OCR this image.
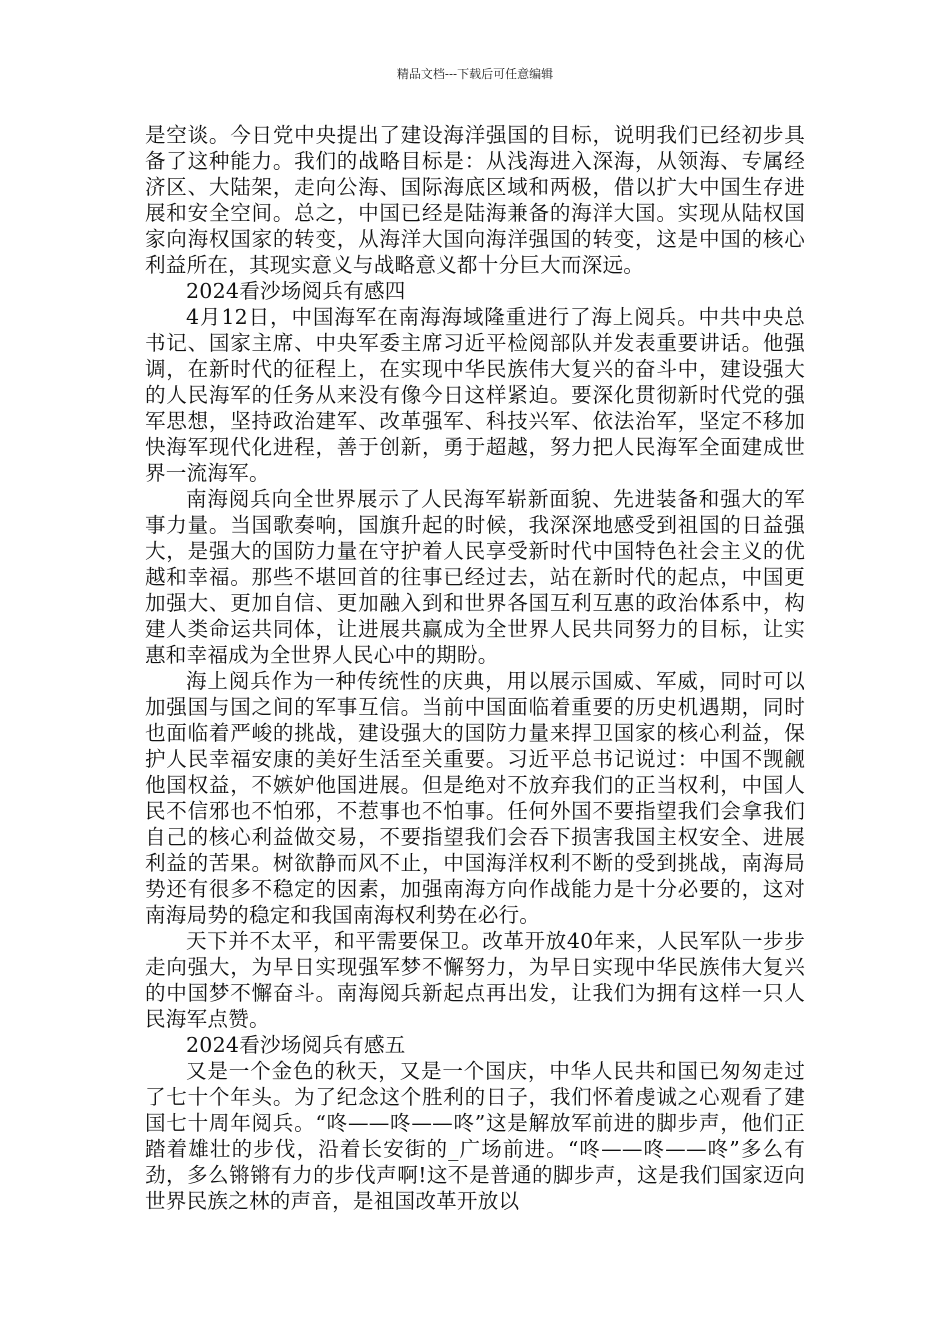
精品文档---下载后可任意编辑

是空谈。今日党中央提出了建设海洋强国的目标，说明我们已经初步具备了这种能力。我们的战略目标是：从浅海进入深海，从领海、专属经济区、大陆架，走向公海、国际海底区域和两极，借以扩大中国生存进展和安全空间。总之，中国已经是陆海兼备的海洋大国。实现从陆权国家向海权国家的转变，从海洋大国向海洋强国的转变，这是中国的核心利益所在，其现实意义与战略意义都十分巨大而深远。

2024看沙场阅兵有感四

4月12日，中国海军在南海海域隆重进行了海上阅兵。中共中央总书记、国家主席、中央军委主席习近平检阅部队并发表重要讲话。他强调，在新时代的征程上，在实现中华民族伟大复兴的奋斗中，建设强大的人民海军的任务从来没有像今日这样紧迫。要深化贯彻新时代党的强军思想，坚持政治建军、改革强军、科技兴军、依法治军，坚定不移加快海军现代化进程，善于创新，勇于超越，努力把人民海军全面建成世界一流海军。

南海阅兵向全世界展示了人民海军崭新面貌、先进装备和强大的军事力量。当国歌奏响，国旗升起的时候，我深深地感受到祖国的日益强大，是强大的国防力量在守护着人民享受新时代中国特色社会主义的优越和幸福。那些不堪回首的往事已经过去，站在新时代的起点，中国更加强大、更加自信、更加融入到和世界各国互利互惠的政治体系中，构建人类命运共同体，让进展共赢成为全世界人民共同努力的目标，让实惠和幸福成为全世界人民心中的期盼。

海上阅兵作为一种传统性的庆典，用以展示国威、军威，同时可以加强国与国之间的军事互信。当前中国面临着重要的历史机遇期，同时也面临着严峻的挑战，建设强大的国防力量来捍卫国家的核心利益，保护人民幸福安康的美好生活至关重要。习近平总书记说过：中国不觊觎他国权益，不嫉妒他国进展。但是绝对不放弃我们的正当权利，中国人民不信邪也不怕邪，不惹事也不怕事。任何外国不要指望我们会拿我们自己的核心利益做交易，不要指望我们会吞下损害我国主权安全、进展利益的苦果。树欲静而风不止，中国海洋权利不断的受到挑战，南海局势还有很多不稳定的因素，加强南海方向作战能力是十分必要的，这对南海局势的稳定和我国南海权利势在必行。

天下并不太平，和平需要保卫。改革开放40年来，人民军队一步步走向强大，为早日实现强军梦不懈努力，为早日实现中华民族伟大复兴的中国梦不懈奋斗。南海阅兵新起点再出发，让我们为拥有这样一只人民海军点赞。

2024看沙场阅兵有感五

又是一个金色的秋天，又是一个国庆，中华人民共和国已匆匆走过了七十个年头。为了纪念这个胜利的日子，我们怀着虔诚之心观看了建国七十周年阅兵。“咚——咚——咚”这是解放军前进的脚步声，他们正踏着雄壮的步伐，沿着长安街的_广场前进。“咚——咚——咚”多么有劲，多么锵锵有力的步伐声啊!这不是普通的脚步声，这是我们国家迈向世界民族之林的声音，是祖国改革开放以
